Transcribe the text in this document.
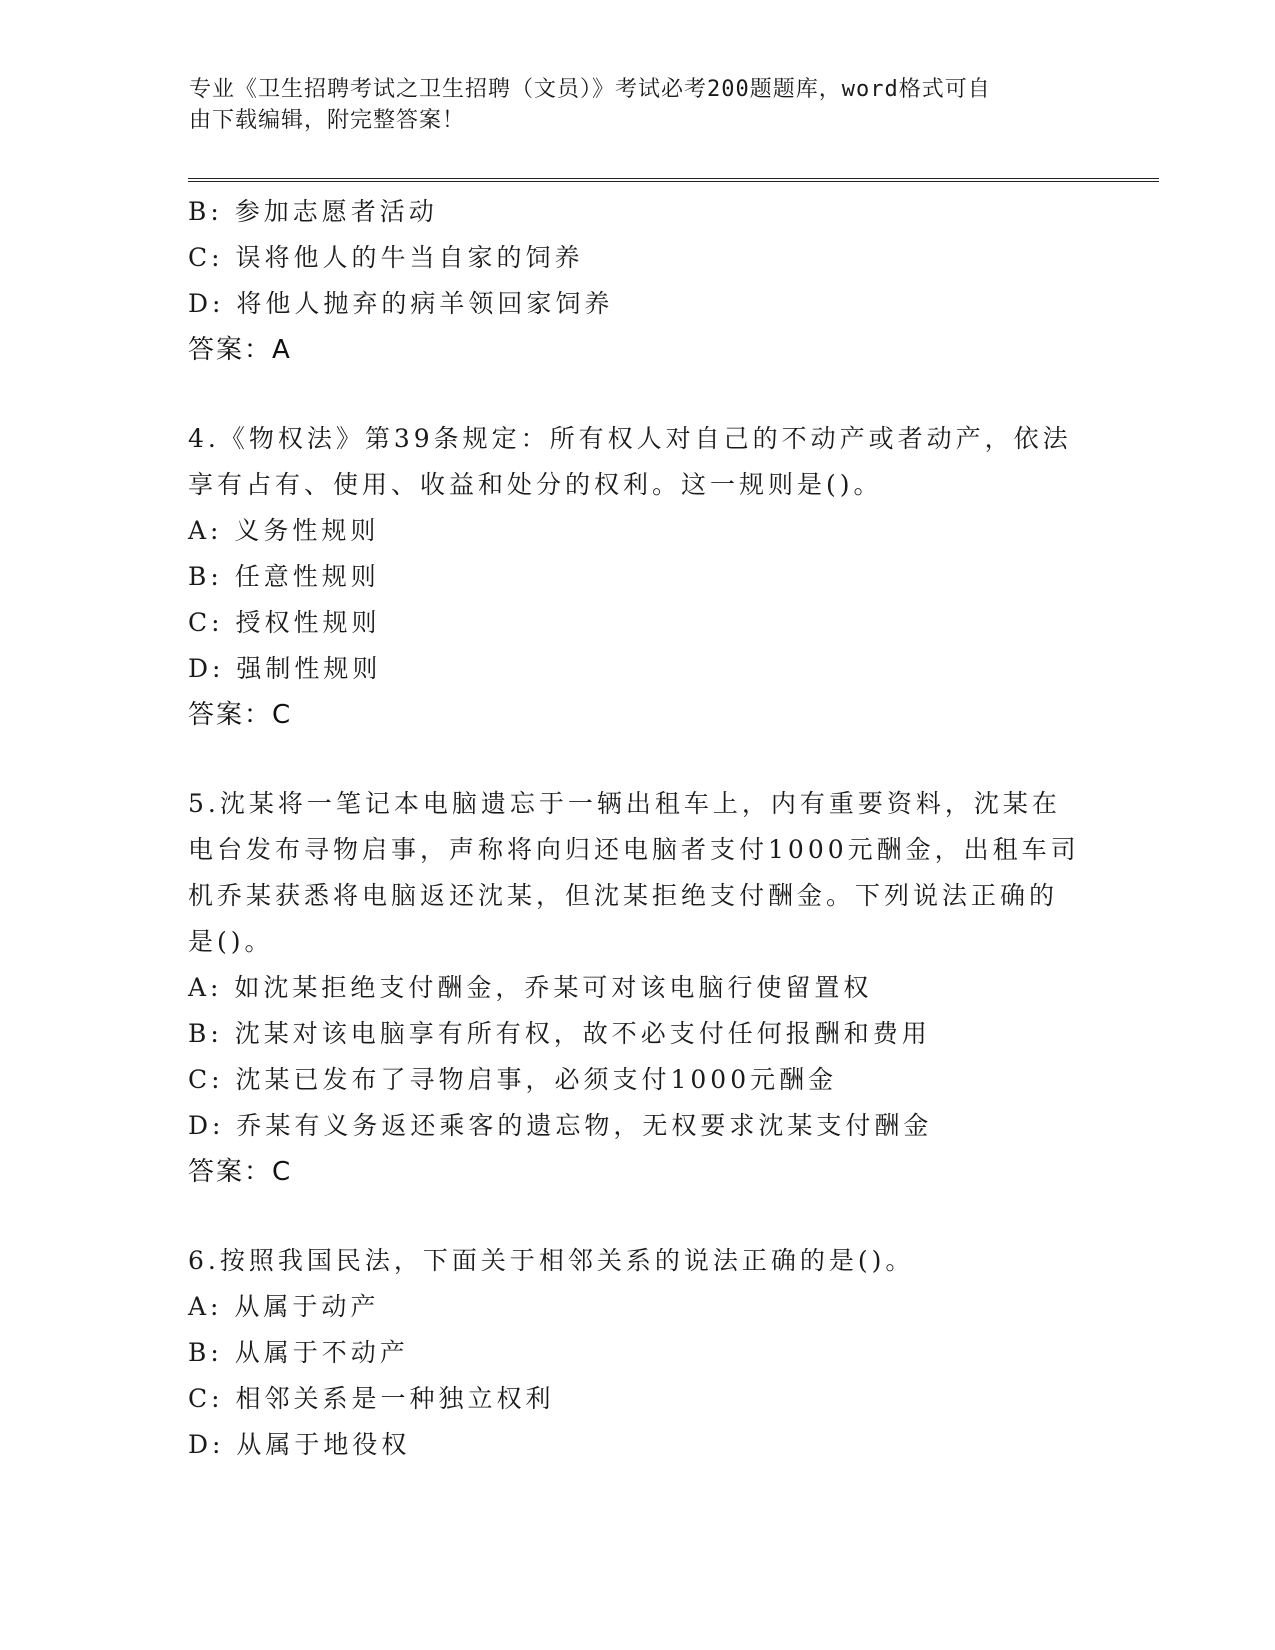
专业《卫生招聘考试之卫生招聘（文员）》考试必考200题题库，word格式可自
由下载编辑，附完整答案！
B: 参加志愿者活动
C: 误将他人的牛当自家的饲养
D: 将他人抛弃的病羊领回家饲养
答案：A
4.《物权法》第39条规定：所有权人对自己的不动产或者动产，依法
享有占有、使用、收益和处分的权利。这一规则是()。
A: 义务性规则
B: 任意性规则
C: 授权性规则
D: 强制性规则
答案：C
5.沈某将一笔记本电脑遗忘于一辆出租车上，内有重要资料，沈某在
电台发布寻物启事，声称将向归还电脑者支付1000元酬金，出租车司
机乔某获悉将电脑返还沈某，但沈某拒绝支付酬金。下列说法正确的
是()。
A: 如沈某拒绝支付酬金，乔某可对该电脑行使留置权
B: 沈某对该电脑享有所有权，故不必支付任何报酬和费用
C: 沈某已发布了寻物启事，必须支付1000元酬金
D: 乔某有义务返还乘客的遗忘物，无权要求沈某支付酬金
答案：C
6.按照我国民法，下面关于相邻关系的说法正确的是()。
A: 从属于动产
B: 从属于不动产
C: 相邻关系是一种独立权利
D: 从属于地役权
